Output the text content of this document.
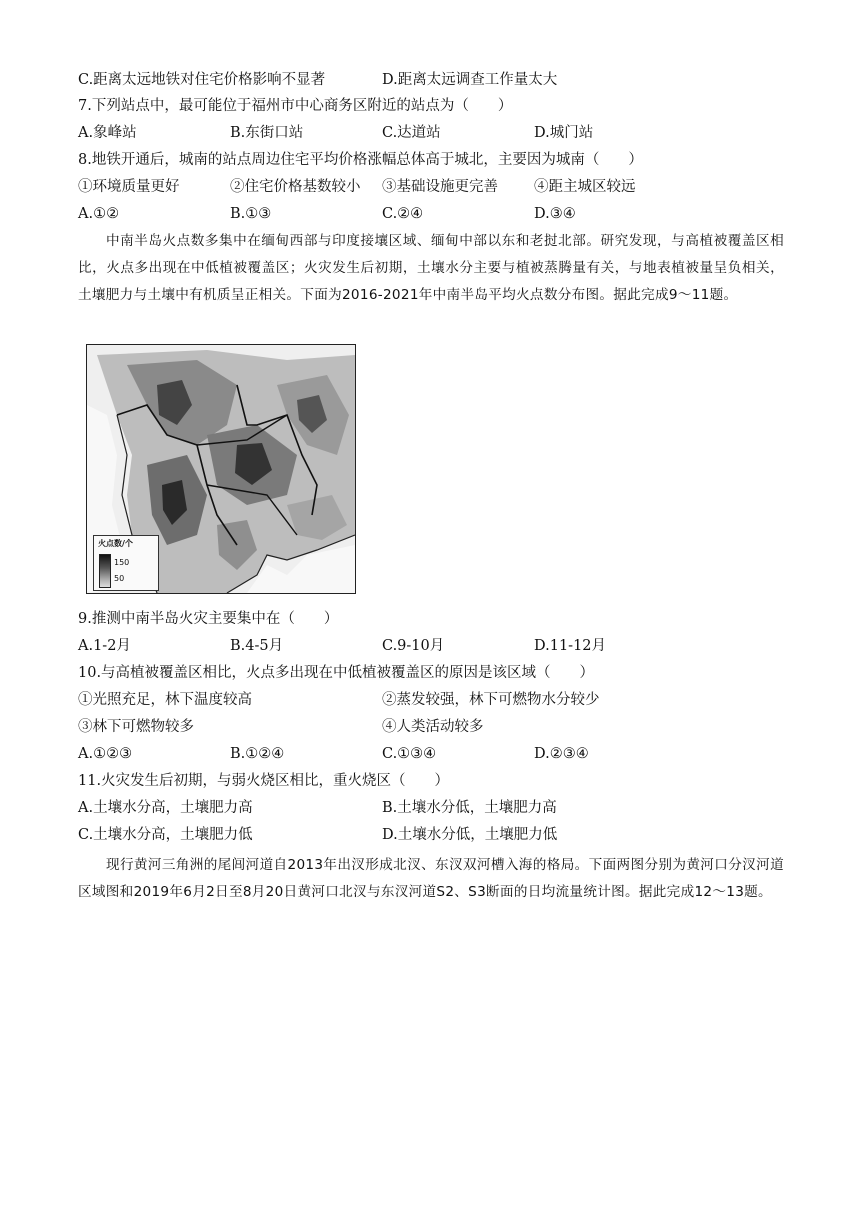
C.距离太远地铁对住宅价格影响不显著	D.距离太远调查工作量太大
7.下列站点中，最可能位于福州市中心商务区附近的站点为（　　）
A.象峰站	B.东街口站	C.达道站	D.城门站
8.地铁开通后，城南的站点周边住宅平均价格涨幅总体高于城北，主要因为城南（　　）
①环境质量更好	②住宅价格基数较小 ③基础设施更完善 ④距主城区较远
A.①②	B.①③	C.②④	D.③④

中南半岛火点数多集中在缅甸西部与印度接壤区域、缅甸中部以东和老挝北部。研究发现，与高植被覆盖区相比，火点多出现在中低植被覆盖区；火灾发生后初期，土壤水分主要与植被蒸腾量有关，与地表植被量呈负相关，土壤肥力与土壤中有机质呈正相关。下面为2016-2021年中南半岛平均火点数分布图。据此完成9～11题。

火点数/个
150
50
9.推测中南半岛火灾主要集中在（　　）
A.1-2月	B.4-5月	C.9-10月	D.11-12月
10.与高植被覆盖区相比，火点多出现在中低植被覆盖区的原因是该区域（　　）
①光照充足，林下温度较高	②蒸发较强，林下可燃物水分较少
③林下可燃物较多	④人类活动较多
A.①②③	B.①②④	C.①③④	D.②③④
11.火灾发生后初期，与弱火烧区相比，重火烧区（　　）
A.土壤水分高，土壤肥力高	B.土壤水分低，土壤肥力高
C.土壤水分高，土壤肥力低	D.土壤水分低，土壤肥力低

现行黄河三角洲的尾闾河道自2013年出汊形成北汊、东汊双河槽入海的格局。下面两图分别为黄河口分汊河道区域图和2019年6月2日至8月20日黄河口北汊与东汊河道S2、S3断面的日均流量统计图。据此完成12～13题。
